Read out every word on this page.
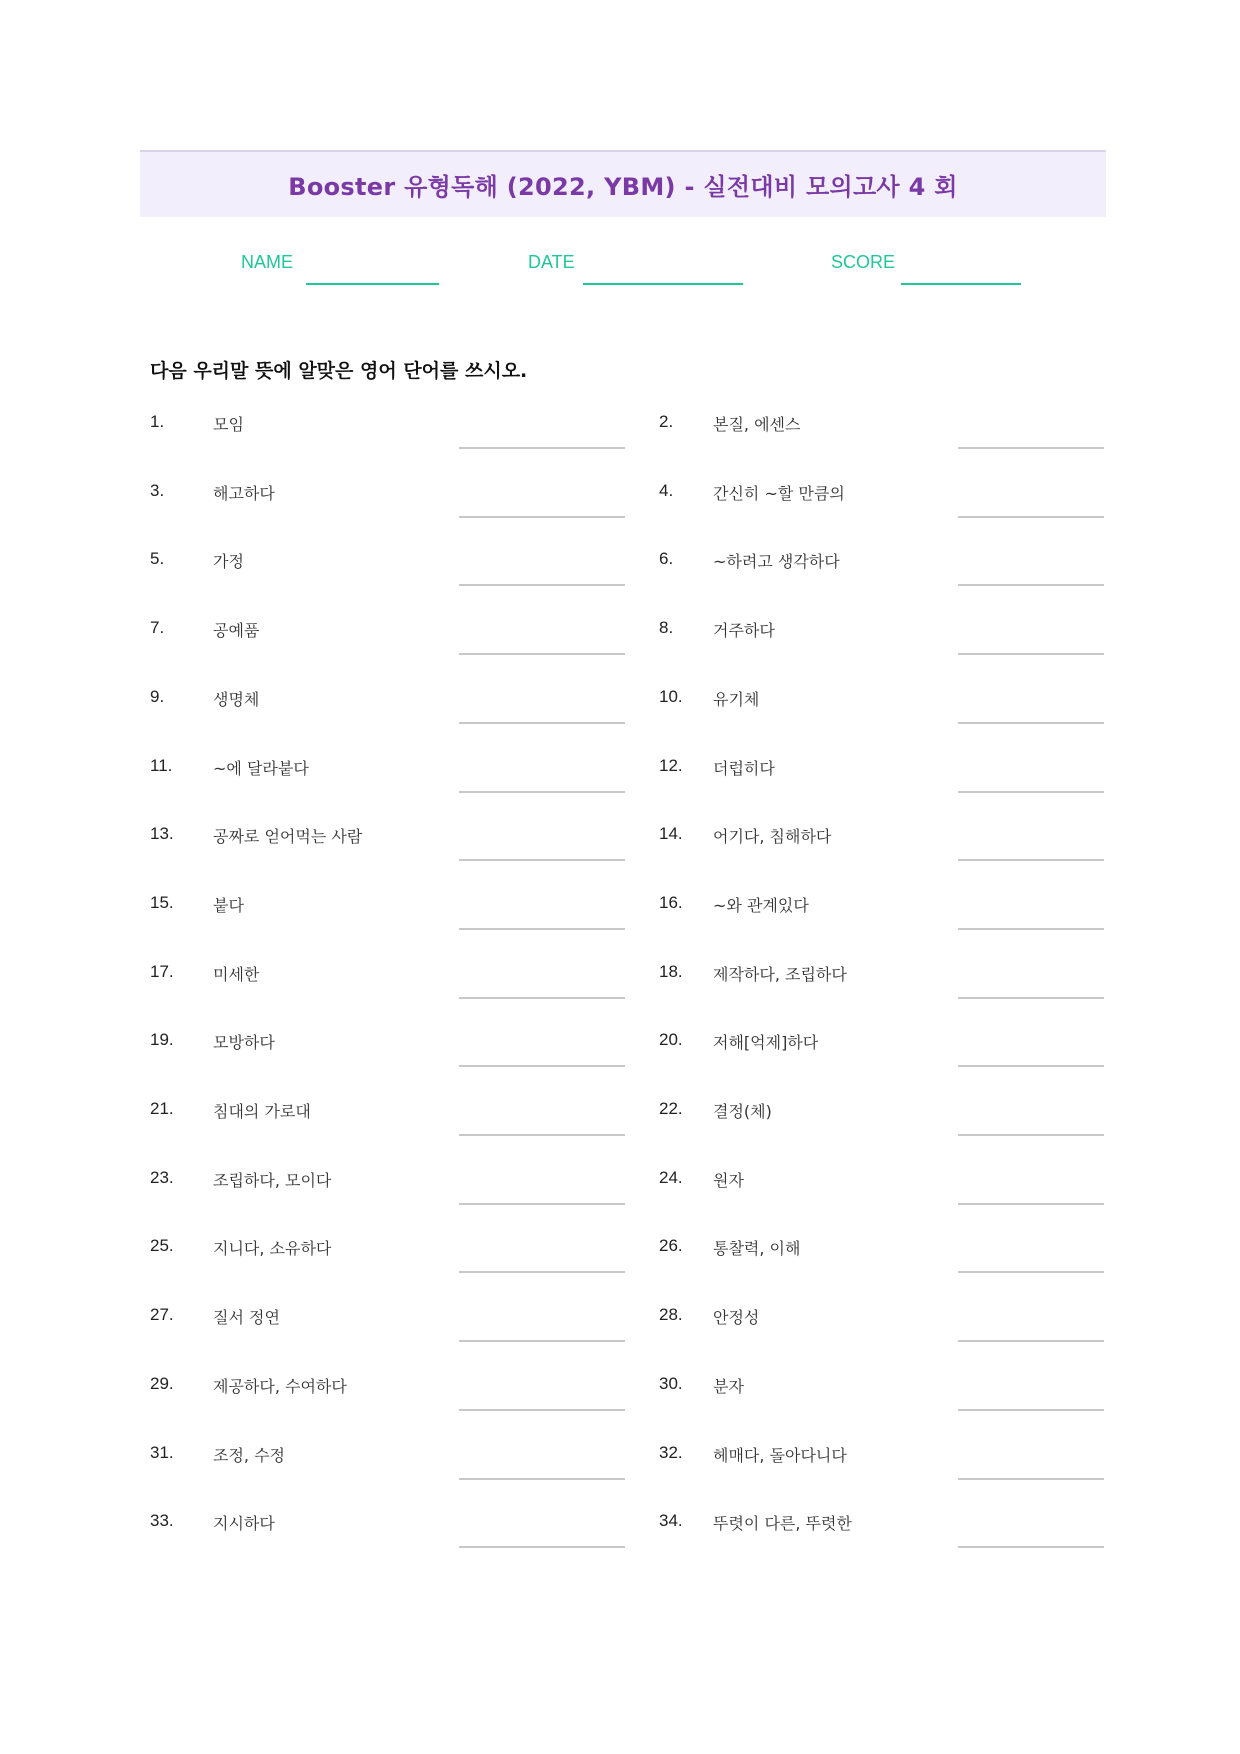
Booster 유형독해 (2022, YBM) - 실전대비 모의고사 4 회
NAME	DATE	SCORE
다음 우리말 뜻에 알맞은 영어 단어를 쓰시오.
1.	모임	2. 본질, 에센스
3.	해고하다	4. 간신히 ~할 만큼의
5.	가정	6. ~하려고 생각하다
7.	공예품	8. 거주하다
9.	생명체	10. 유기체
11.	~에 달라붙다	12. 더럽히다
13. 공짜로 얻어먹는 사람	14. 어기다, 침해하다
15. 붙다	16. ~와 관계있다
17. 미세한	18. 제작하다, 조립하다
19. 모방하다	20. 저해[억제]하다
21. 침대의 가로대	22. 결정(체)
23. 조립하다, 모이다	24. 원자
25. 지니다, 소유하다	26. 통찰력, 이해
27. 질서 정연	28. 안정성
29. 제공하다, 수여하다	30. 분자
31. 조정, 수정	32. 헤매다, 돌아다니다
33. 지시하다	34. 뚜렷이 다른, 뚜렷한
